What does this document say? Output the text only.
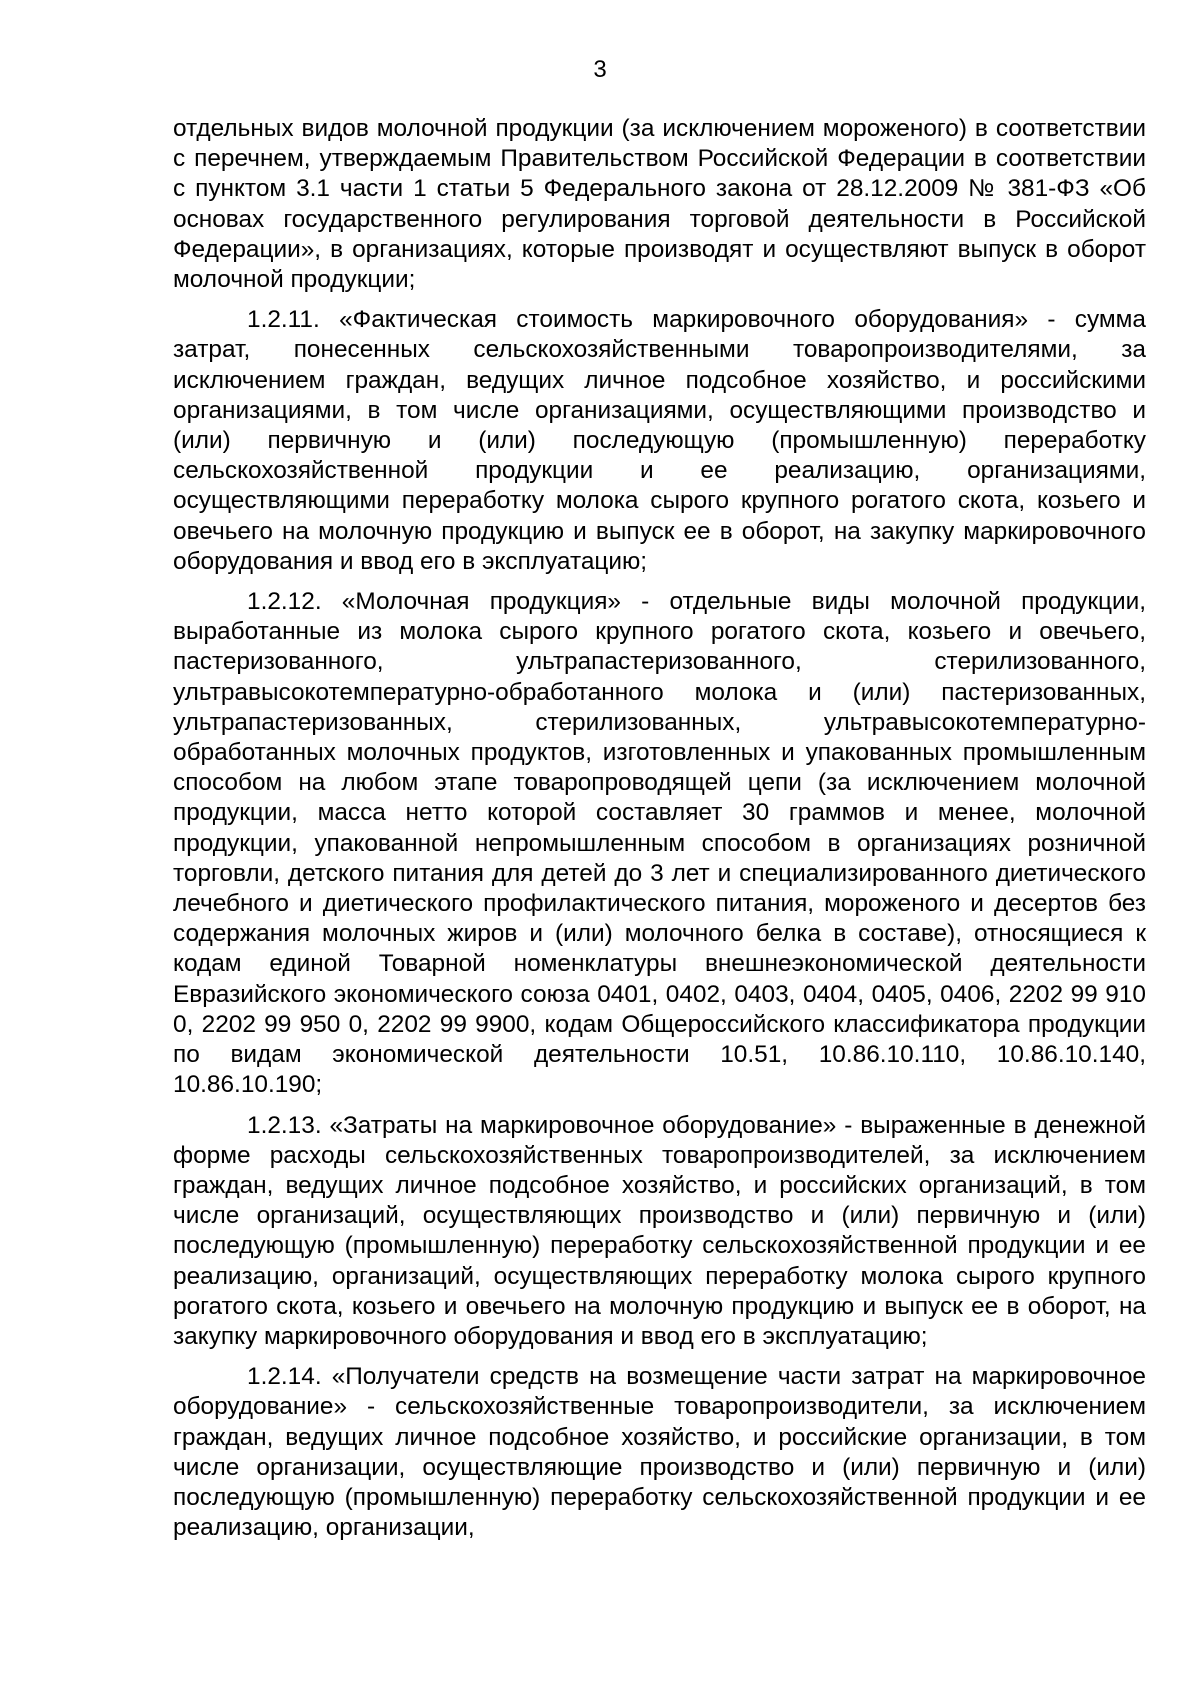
3

отдельных видов молочной продукции (за исключением мороженого) в соответствии с перечнем, утверждаемым Правительством Российской Федерации в соответствии с пунктом 3.1 части 1 статьи 5 Федерального закона от 28.12.2009 № 381-ФЗ «Об основах государственного регулирования торговой деятельности в Российской Федерации», в организациях, которые производят и осуществляют выпуск в оборот молочной продукции;

1.2.11. «Фактическая стоимость маркировочного оборудования» - сумма затрат, понесенных сельскохозяйственными товаропроизводителями, за исключением граждан, ведущих личное подсобное хозяйство, и российскими организациями, в том числе организациями, осуществляющими производство и (или) первичную и (или) последующую (промышленную) переработку сельскохозяйственной продукции и ее реализацию, организациями, осуществляющими переработку молока сырого крупного рогатого скота, козьего и овечьего на молочную продукцию и выпуск ее в оборот, на закупку маркировочного оборудования и ввод его в эксплуатацию;

1.2.12. «Молочная продукция» - отдельные виды молочной продукции, выработанные из молока сырого крупного рогатого скота, козьего и овечьего, пастеризованного, ультрапастеризованного, стерилизованного, ультравысокотемпературно-обработанного молока и (или) пастеризованных, ультрапастеризованных, стерилизованных, ультравысокотемпературно-обработанных молочных продуктов, изготовленных и упакованных промышленным способом на любом этапе товаропроводящей цепи (за исключением молочной продукции, масса нетто которой составляет 30 граммов и менее, молочной продукции, упакованной непромышленным способом в организациях розничной торговли, детского питания для детей до 3 лет и специализированного диетического лечебного и диетического профилактического питания, мороженого и десертов без содержания молочных жиров и (или) молочного белка в составе), относящиеся к кодам единой Товарной номенклатуры внешнеэкономической деятельности Евразийского экономического союза 0401, 0402, 0403, 0404, 0405, 0406, 2202 99 910 0, 2202 99 950 0, 2202 99 9900, кодам Общероссийского классификатора продукции по видам экономической деятельности 10.51, 10.86.10.110, 10.86.10.140, 10.86.10.190;

1.2.13. «Затраты на маркировочное оборудование» - выраженные в денежной форме расходы сельскохозяйственных товаропроизводителей, за исключением граждан, ведущих личное подсобное хозяйство, и российских организаций, в том числе организаций, осуществляющих производство и (или) первичную и (или) последующую (промышленную) переработку сельскохозяйственной продукции и ее реализацию, организаций, осуществляющих переработку молока сырого крупного рогатого скота, козьего и овечьего на молочную продукцию и выпуск ее в оборот, на закупку маркировочного оборудования и ввод его в эксплуатацию;

1.2.14. «Получатели средств на возмещение части затрат на маркировочное оборудование» - сельскохозяйственные товаропроизводители, за исключением граждан, ведущих личное подсобное хозяйство, и российские организации, в том числе организации, осуществляющие производство и (или) первичную и (или) последующую (промышленную) переработку сельскохозяйственной продукции и ее реализацию, организации,
